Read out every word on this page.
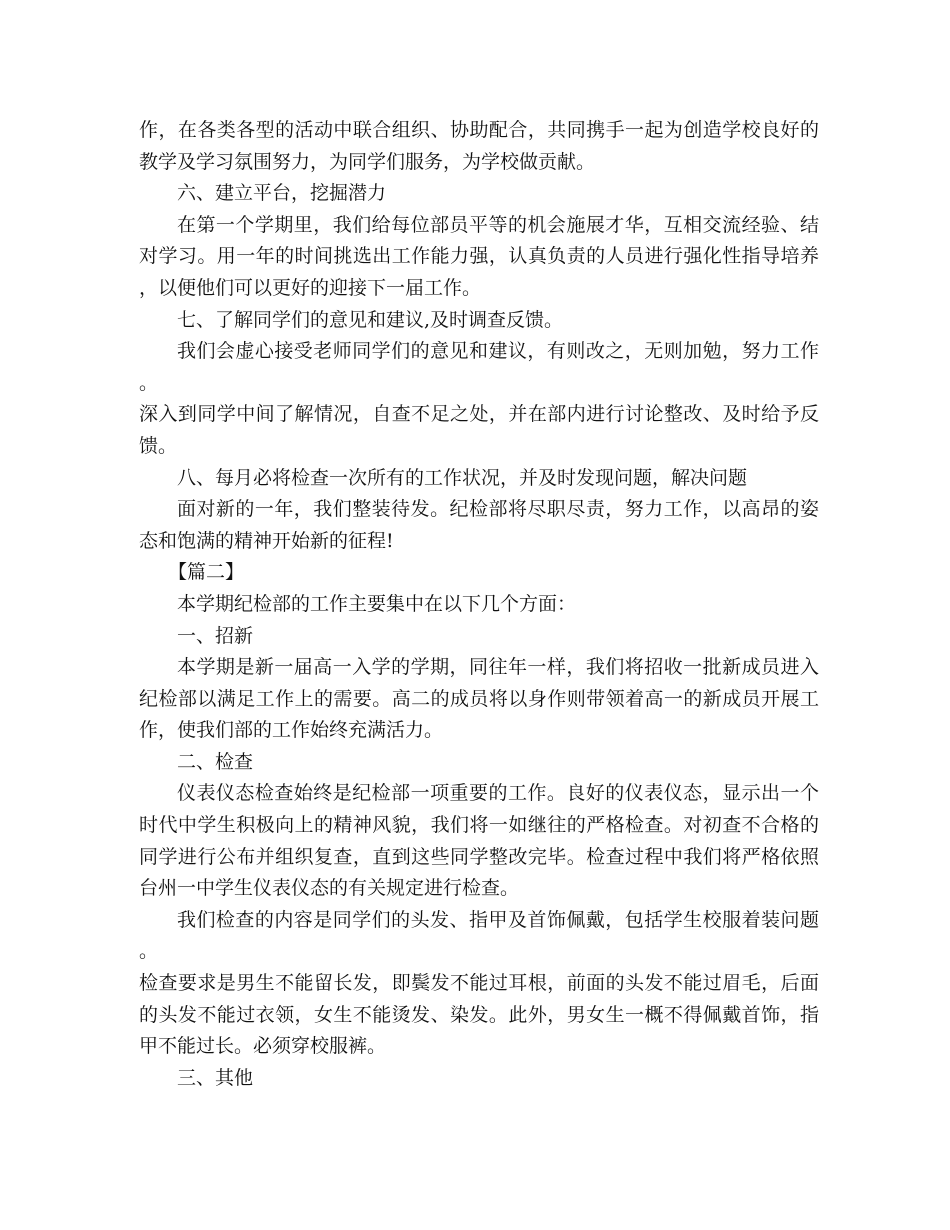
作，在各类各型的活动中联合组织、协助配合，共同携手一起为创造学校良好的教学及学习氛围努力，为同学们服务，为学校做贡献。

六、建立平台，挖掘潜力

在第一个学期里，我们给每位部员平等的机会施展才华，互相交流经验、结对学习。用一年的时间挑选出工作能力强，认真负责的人员进行强化性指导培养，以便他们可以更好的迎接下一届工作。

七、了解同学们的意见和建议,及时调查反馈。

我们会虚心接受老师同学们的意见和建议，有则改之，无则加勉，努力工作。

深入到同学中间了解情况，自查不足之处，并在部内进行讨论整改、及时给予反馈。

八、每月必将检查一次所有的工作状况，并及时发现问题，解决问题

面对新的一年，我们整装待发。纪检部将尽职尽责，努力工作，以高昂的姿态和饱满的精神开始新的征程!

【篇二】

本学期纪检部的工作主要集中在以下几个方面：

一、招新

本学期是新一届高一入学的学期，同往年一样，我们将招收一批新成员进入纪检部以满足工作上的需要。高二的成员将以身作则带领着高一的新成员开展工作，使我们部的工作始终充满活力。

二、检查

仪表仪态检查始终是纪检部一项重要的工作。良好的仪表仪态，显示出一个时代中学生积极向上的精神风貌，我们将一如继往的严格检查。对初查不合格的同学进行公布并组织复查，直到这些同学整改完毕。检查过程中我们将严格依照台州一中学生仪表仪态的有关规定进行检查。

我们检查的内容是同学们的头发、指甲及首饰佩戴，包括学生校服着装问题。

检查要求是男生不能留长发，即鬓发不能过耳根，前面的头发不能过眉毛，后面的头发不能过衣领，女生不能烫发、染发。此外，男女生一概不得佩戴首饰，指甲不能过长。必须穿校服裤。

三、其他
